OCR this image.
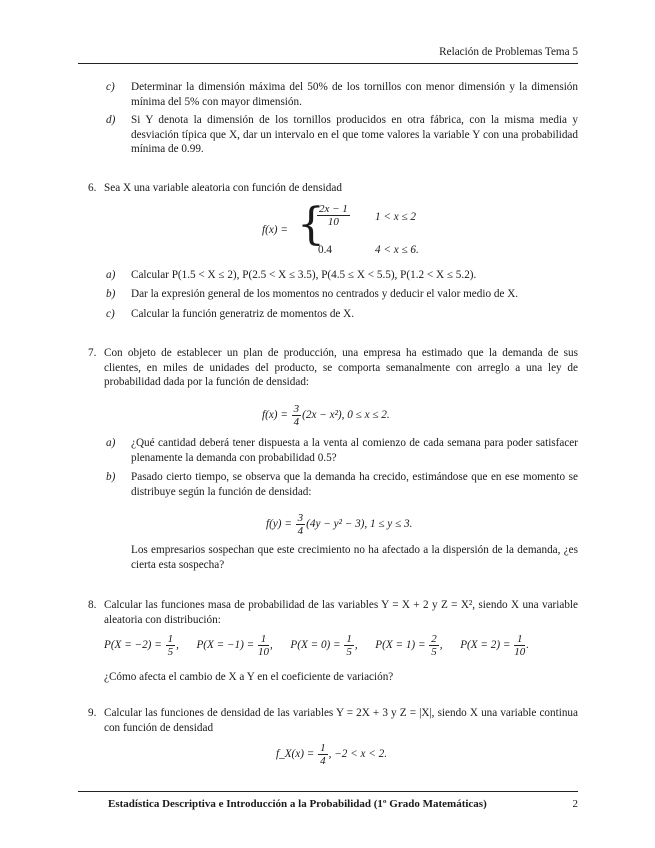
Relación de Problemas Tema 5
c) Determinar la dimensión máxima del 50% de los tornillos con menor dimensión y la dimensión mínima del 5% con mayor dimensión.
d) Si Y denota la dimensión de los tornillos producidos en otra fábrica, con la misma media y desviación típica que X, dar un intervalo en el que tome valores la variable Y con una probabilidad mínima de 0.99.
6. Sea X una variable aleatoria con función de densidad
f(x) = {
$\frac{2x - 1}{10} 1 < x \le 2$
0.4	4 < x ≤ 6.
a) Calcular P(1.5 < X ≤ 2), P(2.5 < X ≤ 3.5), P(4.5 ≤ X < 5.5), P(1.2 < X ≤ 5.2).
b) Dar la expresión general de los momentos no centrados y deducir el valor medio de X.
c) Calcular la función generatriz de momentos de X.
7. Con objeto de establecer un plan de producción, una empresa ha estimado que la demanda de sus clientes, en miles de unidades del producto, se comporta semanalmente con arreglo a una ley de probabilidad dada por la función de densidad:
$f(x) = \frac{3}{4} (2x - x^2)$, 0 ≤ x ≤ 2.
a) ¿Qué cantidad deberá tener dispuesta a la venta al comienzo de cada semana para poder satisfacer plenamente la demanda con probabilidad 0.5?
b) Pasado cierto tiempo, se observa que la demanda ha crecido, estimándose que en ese momento se distribuye según la función de densidad:
$f(y) = \frac{3}{4} (4y - y^2 - 3)$, 1 ≤ y ≤ 3.
Los empresarios sospechan que este crecimiento no ha afectado a la dispersión de la demanda, ¿es cierta esta sospecha?
8. Calcular las funciones masa de probabilidad de las variables Y = X + 2 y Z = X², siendo X una variable aleatoria con distribución:
$P(X = -2) = \frac{1}{5}$ , $P(X = -1) = \frac{1}{10}$ , $P(X = 0) = \frac{1}{5}$ , $P(X = 1) = \frac{2}{5}$ , $P(X = 2) = \frac{1}{10}$ .
¿Cómo afecta el cambio de X a Y en el coeficiente de variación?
9. Calcular las funciones de densidad de las variables Y = 2X + 3 y Z = |X|, siendo X una variable continua con función de densidad
f_X(x) = $\frac{1}{4}$ , −2 < x < 2.
Estadística Descriptiva e Introducción a la Probabilidad (1º Grado Matemáticas)	2
